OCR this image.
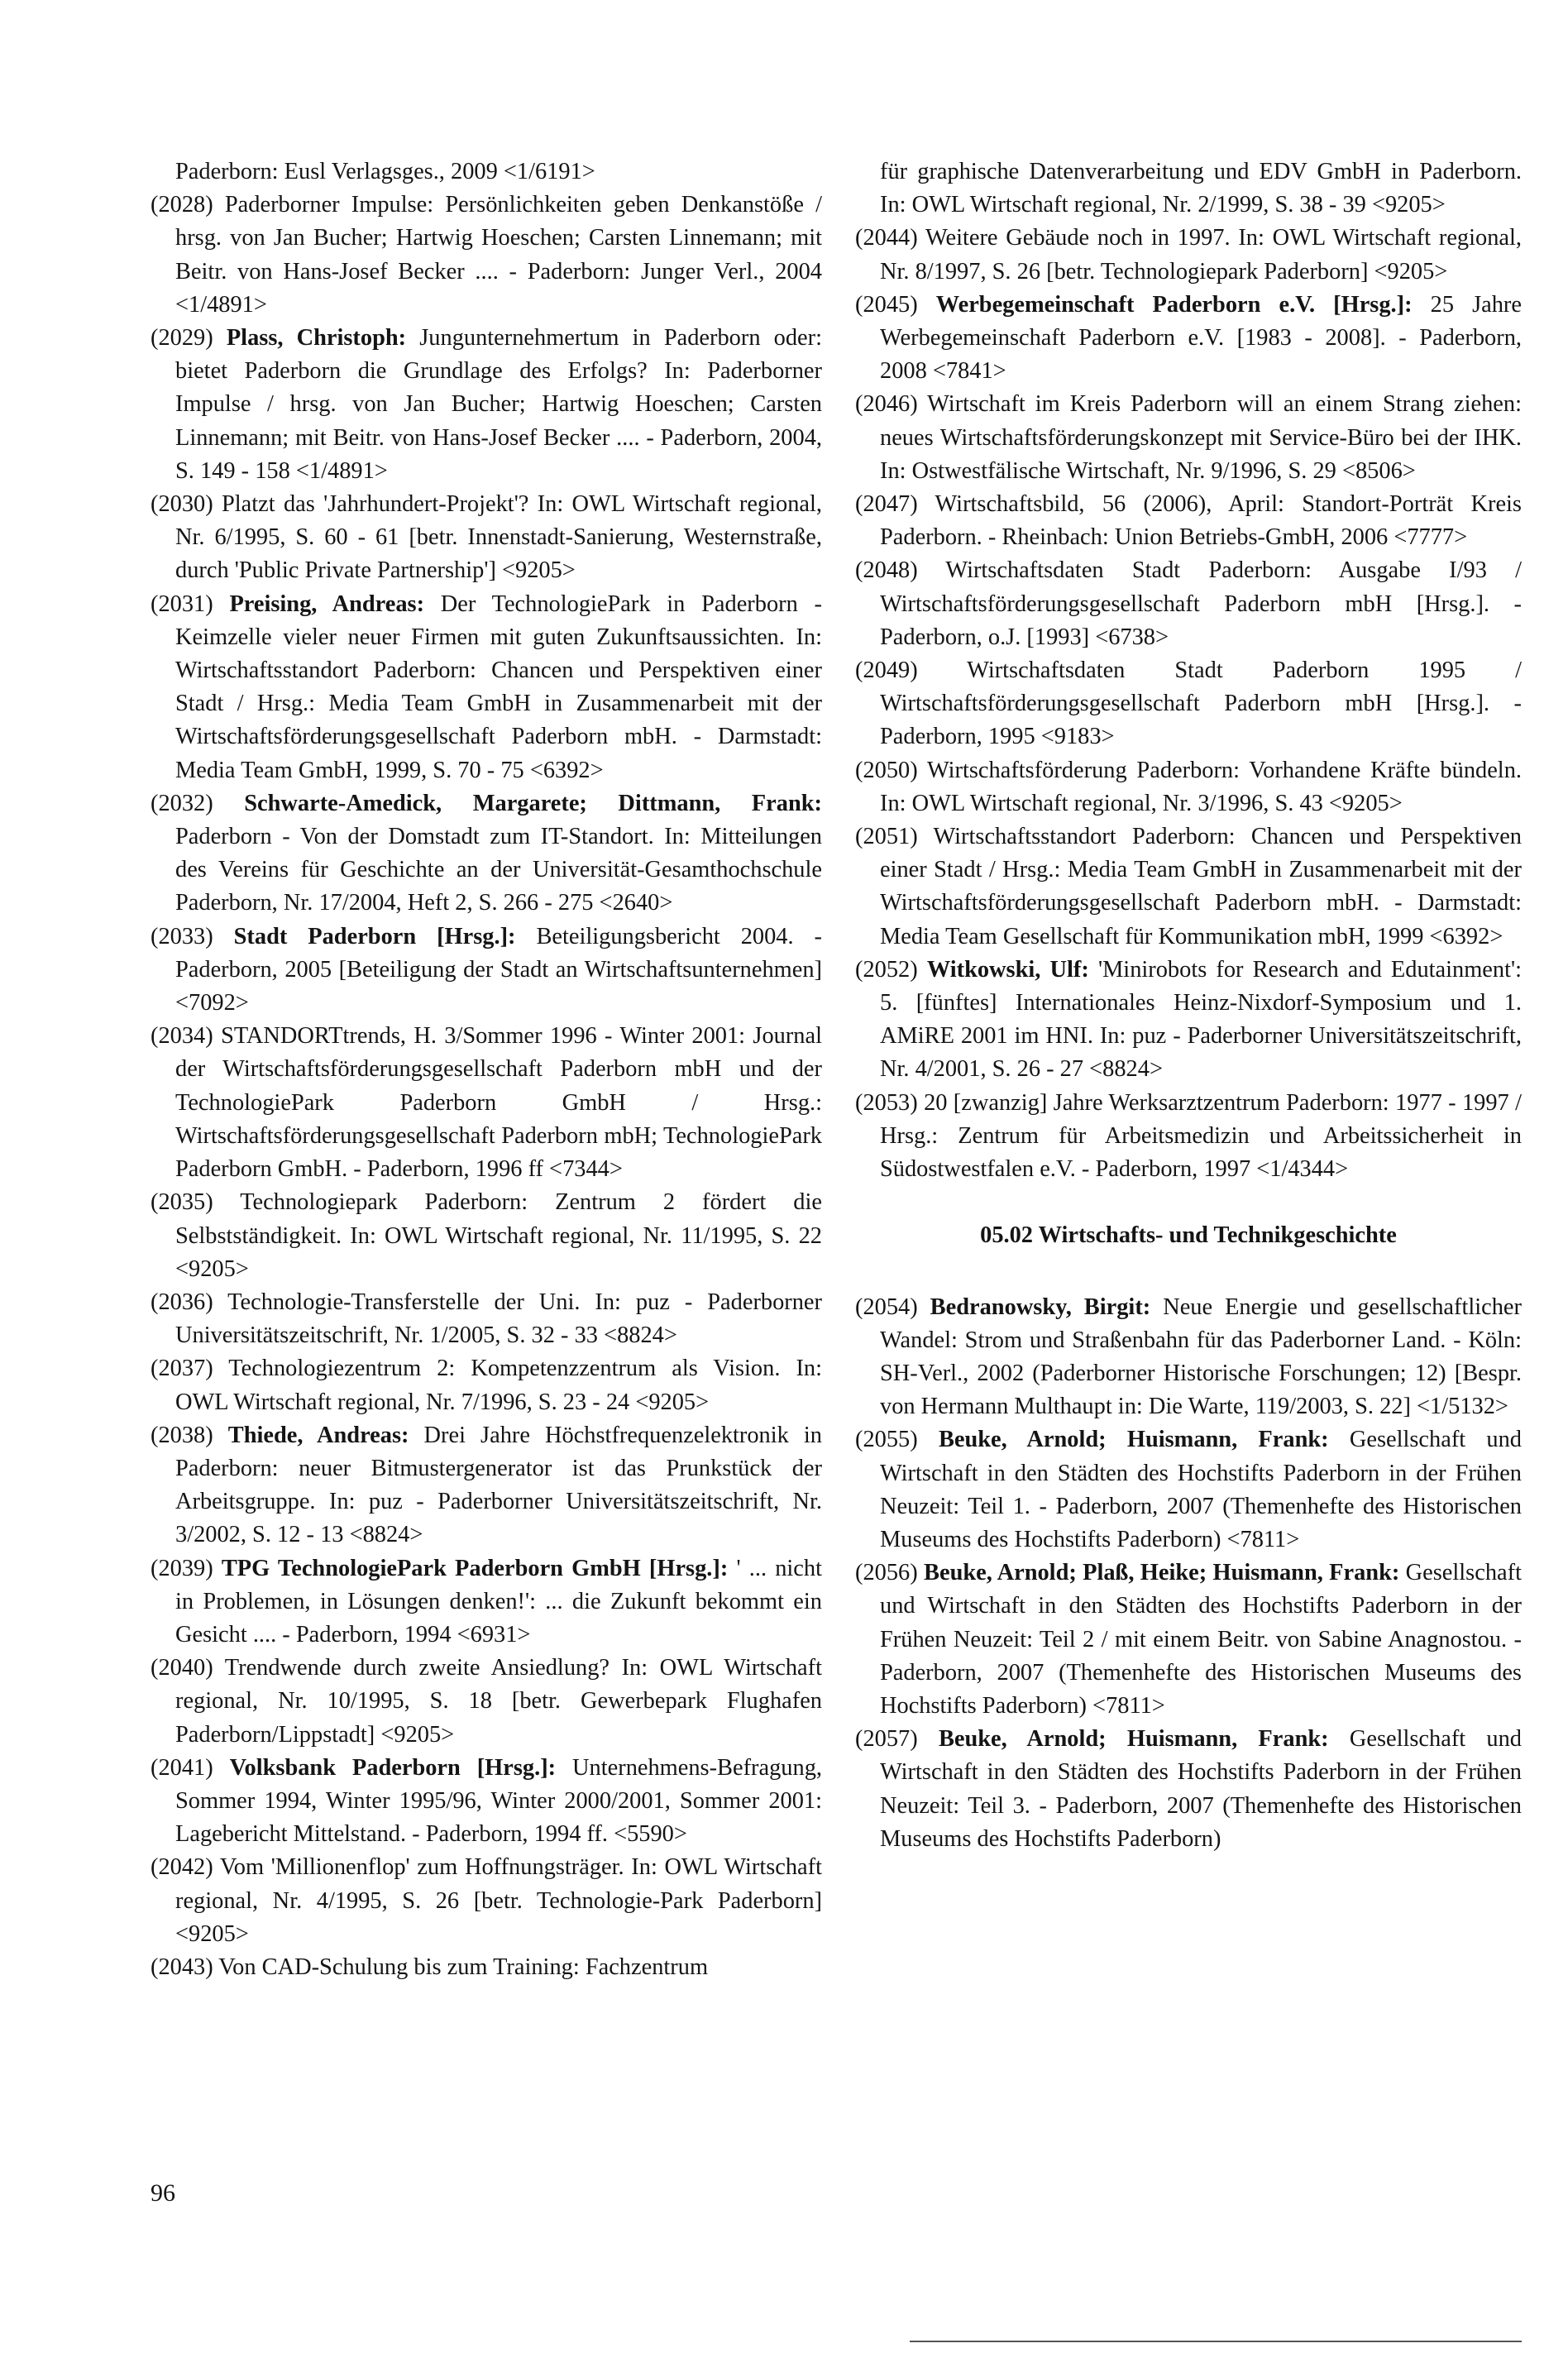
Paderborn: Eusl Verlagsges., 2009 <1/6191>

(2028) Paderborner Impulse: Persönlichkeiten geben Denkanstöße / hrsg. von Jan Bucher; Hartwig Hoeschen; Carsten Linnemann; mit Beitr. von Hans-Josef Becker .... - Paderborn: Junger Verl., 2004 <1/4891>

(2029) Plass, Christoph: Jungunternehmertum in Paderborn oder: bietet Paderborn die Grundlage des Erfolgs? In: Paderborner Impulse / hrsg. von Jan Bucher; Hartwig Hoeschen; Carsten Linnemann; mit Beitr. von Hans-Josef Becker .... - Paderborn, 2004, S. 149 - 158 <1/4891>

(2030) Platzt das 'Jahrhundert-Projekt'? In: OWL Wirtschaft regional, Nr. 6/1995, S. 60 - 61 [betr. Innenstadt-Sanierung, Westernstraße, durch 'Public Private Partnership'] <9205>

(2031) Preising, Andreas: Der TechnologiePark in Paderborn - Keimzelle vieler neuer Firmen mit guten Zukunftsaussichten. In: Wirtschaftsstandort Paderborn: Chancen und Perspektiven einer Stadt / Hrsg.: Media Team GmbH in Zusammenarbeit mit der Wirtschaftsförderungsgesellschaft Paderborn mbH. - Darmstadt: Media Team GmbH, 1999, S. 70 - 75 <6392>

(2032) Schwarte-Amedick, Margarete; Dittmann, Frank: Paderborn - Von der Domstadt zum IT-Standort. In: Mitteilungen des Vereins für Geschichte an der Universität-Gesamthochschule Paderborn, Nr. 17/2004, Heft 2, S. 266 - 275 <2640>

(2033) Stadt Paderborn [Hrsg.]: Beteiligungsbericht 2004. - Paderborn, 2005 [Beteiligung der Stadt an Wirtschaftsunternehmen] <7092>

(2034) STANDORTtrends, H. 3/Sommer 1996 - Winter 2001: Journal der Wirtschaftsförderungsgesellschaft Paderborn mbH und der TechnologiePark Paderborn GmbH / Hrsg.: Wirtschaftsförderungsgesellschaft Paderborn mbH; TechnologiePark Paderborn GmbH. - Paderborn, 1996 ff <7344>

(2035) Technologiepark Paderborn: Zentrum 2 fördert die Selbstständigkeit. In: OWL Wirtschaft regional, Nr. 11/1995, S. 22 <9205>

(2036) Technologie-Transferstelle der Uni. In: puz - Paderborner Universitätszeitschrift, Nr. 1/2005, S. 32 - 33 <8824>

(2037) Technologiezentrum 2: Kompetenzzentrum als Vision. In: OWL Wirtschaft regional, Nr. 7/1996, S. 23 - 24 <9205>

(2038) Thiede, Andreas: Drei Jahre Höchstfrequenzelektronik in Paderborn: neuer Bitmustergenerator ist das Prunkstück der Arbeitsgruppe. In: puz - Paderborner Universitätszeitschrift, Nr. 3/2002, S. 12 - 13 <8824>

(2039) TPG TechnologiePark Paderborn GmbH [Hrsg.]: ' ... nicht in Problemen, in Lösungen denken!': ... die Zukunft bekommt ein Gesicht .... - Paderborn, 1994 <6931>

(2040) Trendwende durch zweite Ansiedlung? In: OWL Wirtschaft regional, Nr. 10/1995, S. 18 [betr. Gewerbepark Flughafen Paderborn/Lippstadt] <9205>

(2041) Volksbank Paderborn [Hrsg.]: Unternehmens-Befragung, Sommer 1994, Winter 1995/96, Winter 2000/2001, Sommer 2001: Lagebericht Mittelstand. - Paderborn, 1994 ff. <5590>

(2042) Vom 'Millionenflop' zum Hoffnungsträger. In: OWL Wirtschaft regional, Nr. 4/1995, S. 26 [betr. Technologie-Park Paderborn] <9205>

(2043) Von CAD-Schulung bis zum Training: Fachzentrum

für graphische Datenverarbeitung und EDV GmbH in Paderborn. In: OWL Wirtschaft regional, Nr. 2/1999, S. 38 - 39 <9205>

(2044) Weitere Gebäude noch in 1997. In: OWL Wirtschaft regional, Nr. 8/1997, S. 26 [betr. Technologiepark Paderborn] <9205>

(2045) Werbegemeinschaft Paderborn e.V. [Hrsg.]: 25 Jahre Werbegemeinschaft Paderborn e.V. [1983 - 2008]. - Paderborn, 2008 <7841>

(2046) Wirtschaft im Kreis Paderborn will an einem Strang ziehen: neues Wirtschaftsförderungskonzept mit Service-Büro bei der IHK. In: Ostwestfälische Wirtschaft, Nr. 9/1996, S. 29 <8506>

(2047) Wirtschaftsbild, 56 (2006), April: Standort-Porträt Kreis Paderborn. - Rheinbach: Union Betriebs-GmbH, 2006 <7777>

(2048) Wirtschaftsdaten Stadt Paderborn: Ausgabe I/93 / Wirtschaftsförderungsgesellschaft Paderborn mbH [Hrsg.]. - Paderborn, o.J. [1993] <6738>

(2049) Wirtschaftsdaten Stadt Paderborn 1995 / Wirtschaftsförderungsgesellschaft Paderborn mbH [Hrsg.]. - Paderborn, 1995 <9183>

(2050) Wirtschaftsförderung Paderborn: Vorhandene Kräfte bündeln. In: OWL Wirtschaft regional, Nr. 3/1996, S. 43 <9205>

(2051) Wirtschaftsstandort Paderborn: Chancen und Perspektiven einer Stadt / Hrsg.: Media Team GmbH in Zusammenarbeit mit der Wirtschaftsförderungsgesellschaft Paderborn mbH. - Darmstadt: Media Team Gesellschaft für Kommunikation mbH, 1999 <6392>

(2052) Witkowski, Ulf: 'Minirobots for Research and Edutainment': 5. [fünftes] Internationales Heinz-Nixdorf-Symposium und 1. AMiRE 2001 im HNI. In: puz - Paderborner Universitätszeitschrift, Nr. 4/2001, S. 26 - 27 <8824>

(2053) 20 [zwanzig] Jahre Werksarztzentrum Paderborn: 1977 - 1997 / Hrsg.: Zentrum für Arbeitsmedizin und Arbeitssicherheit in Südostwestfalen e.V. - Paderborn, 1997 <1/4344>

05.02 Wirtschafts- und Technikgeschichte

(2054) Bedranowsky, Birgit: Neue Energie und gesellschaftlicher Wandel: Strom und Straßenbahn für das Paderborner Land. - Köln: SH-Verl., 2002 (Paderborner Historische Forschungen; 12) [Bespr. von Hermann Multhaupt in: Die Warte, 119/2003, S. 22] <1/5132>

(2055) Beuke, Arnold; Huismann, Frank: Gesellschaft und Wirtschaft in den Städten des Hochstifts Paderborn in der Frühen Neuzeit: Teil 1. - Paderborn, 2007 (Themenhefte des Historischen Museums des Hochstifts Paderborn) <7811>

(2056) Beuke, Arnold; Plaß, Heike; Huismann, Frank: Gesellschaft und Wirtschaft in den Städten des Hochstifts Paderborn in der Frühen Neuzeit: Teil 2 / mit einem Beitr. von Sabine Anagnostou. - Paderborn, 2007 (Themenhefte des Historischen Museums des Hochstifts Paderborn) <7811>

(2057) Beuke, Arnold; Huismann, Frank: Gesellschaft und Wirtschaft in den Städten des Hochstifts Paderborn in der Frühen Neuzeit: Teil 3. - Paderborn, 2007 (Themenhefte des Historischen Museums des Hochstifts Paderborn)

96
